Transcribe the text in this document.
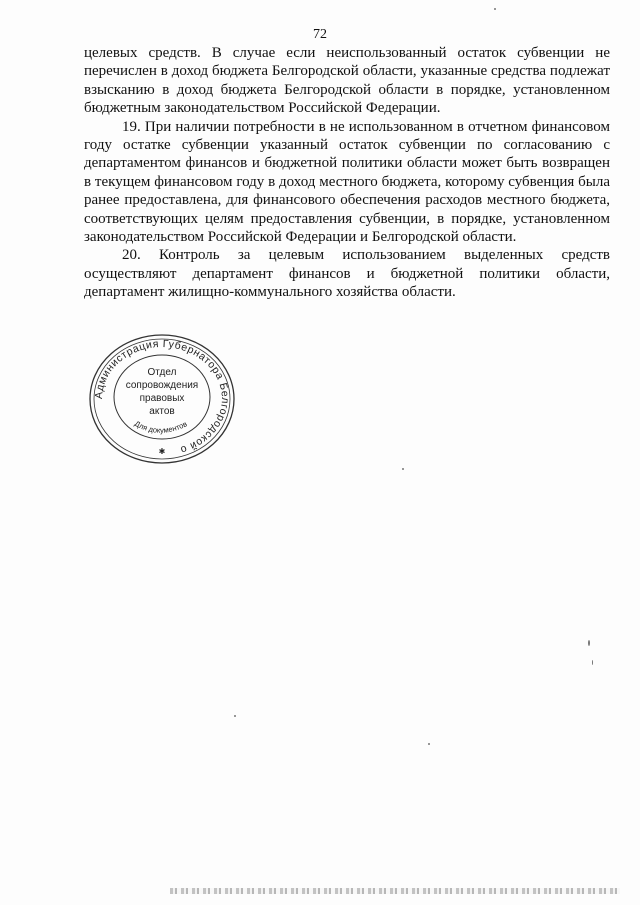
72

целевых средств. В случае если неиспользованный остаток субвенции не перечислен в доход бюджета Белгородской области, указанные средства подлежат взысканию в доход бюджета Белгородской области в порядке, установленном бюджетным законодательством Российской Федерации.

19. При наличии потребности в не использованном в отчетном финансовом году остатке субвенции указанный остаток субвенции по согласованию с департаментом финансов и бюджетной политики области может быть возвращен в текущем финансовом году в доход местного бюджета, которому субвенция была ранее предоставлена, для финансового обеспечения расходов местного бюджета, соответствующих целям предоставления субвенции, в порядке, установленном законодательством Российской Федерации и Белгородской области.

20. Контроль за целевым использованием выделенных средств осуществляют департамент финансов и бюджетной политики области, департамент жилищно-коммунального хозяйства области.

Администрация Губернатора Белгородской о
Отдел
сопровождения
правовых
актов
Для документов
✱
